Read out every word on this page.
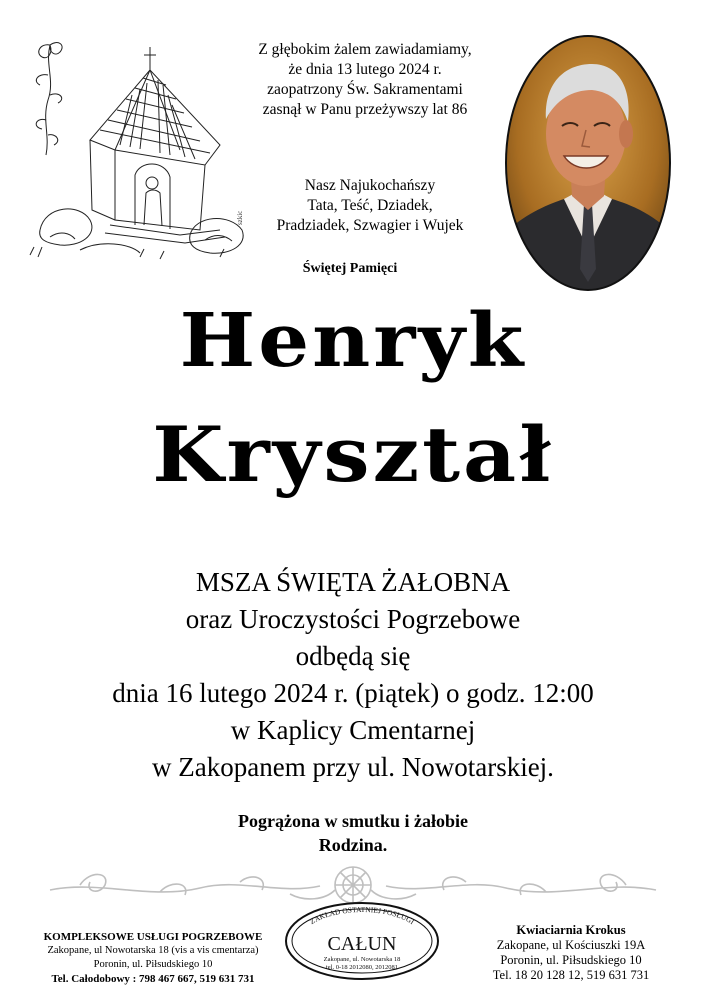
szkic
Z głębokim żalem zawiadamiamy,
że dnia 13 lutego 2024 r.
zaopatrzony Św. Sakramentami
zasnął w Panu przeżywszy lat 86
Nasz Najukochańszy
Tata, Teść, Dziadek,
Pradziadek, Szwagier i Wujek
Świętej Pamięci
Henryk
Kryształ
MSZA ŚWIĘTA ŻAŁOBNA
oraz Uroczystości Pogrzebowe
odbędą się
dnia 16 lutego 2024 r. (piątek) o godz. 12:00
w Kaplicy Cmentarnej
w Zakopanem przy ul. Nowotarskiej.
Pogrążona w smutku i żałobie
Rodzina.
KOMPLEKSOWE USŁUGI POGRZEBOWE
Zakopane, ul Nowotarska 18 (vis a vis cmentarza)
Poronin, ul. Piłsudskiego 10
Tel. Całodobowy : 798 467 667, 519 631 731
ZAKŁAD OSTATNIEJ POSŁUGI
CAŁUN
Zakopane, ul. Nowotarska 18
tel. 0-18 2012080, 2012081
Kwiaciarnia Krokus
Zakopane, ul Kościuszki 19A
Poronin, ul. Piłsudskiego 10
Tel. 18 20 128 12, 519 631 731
